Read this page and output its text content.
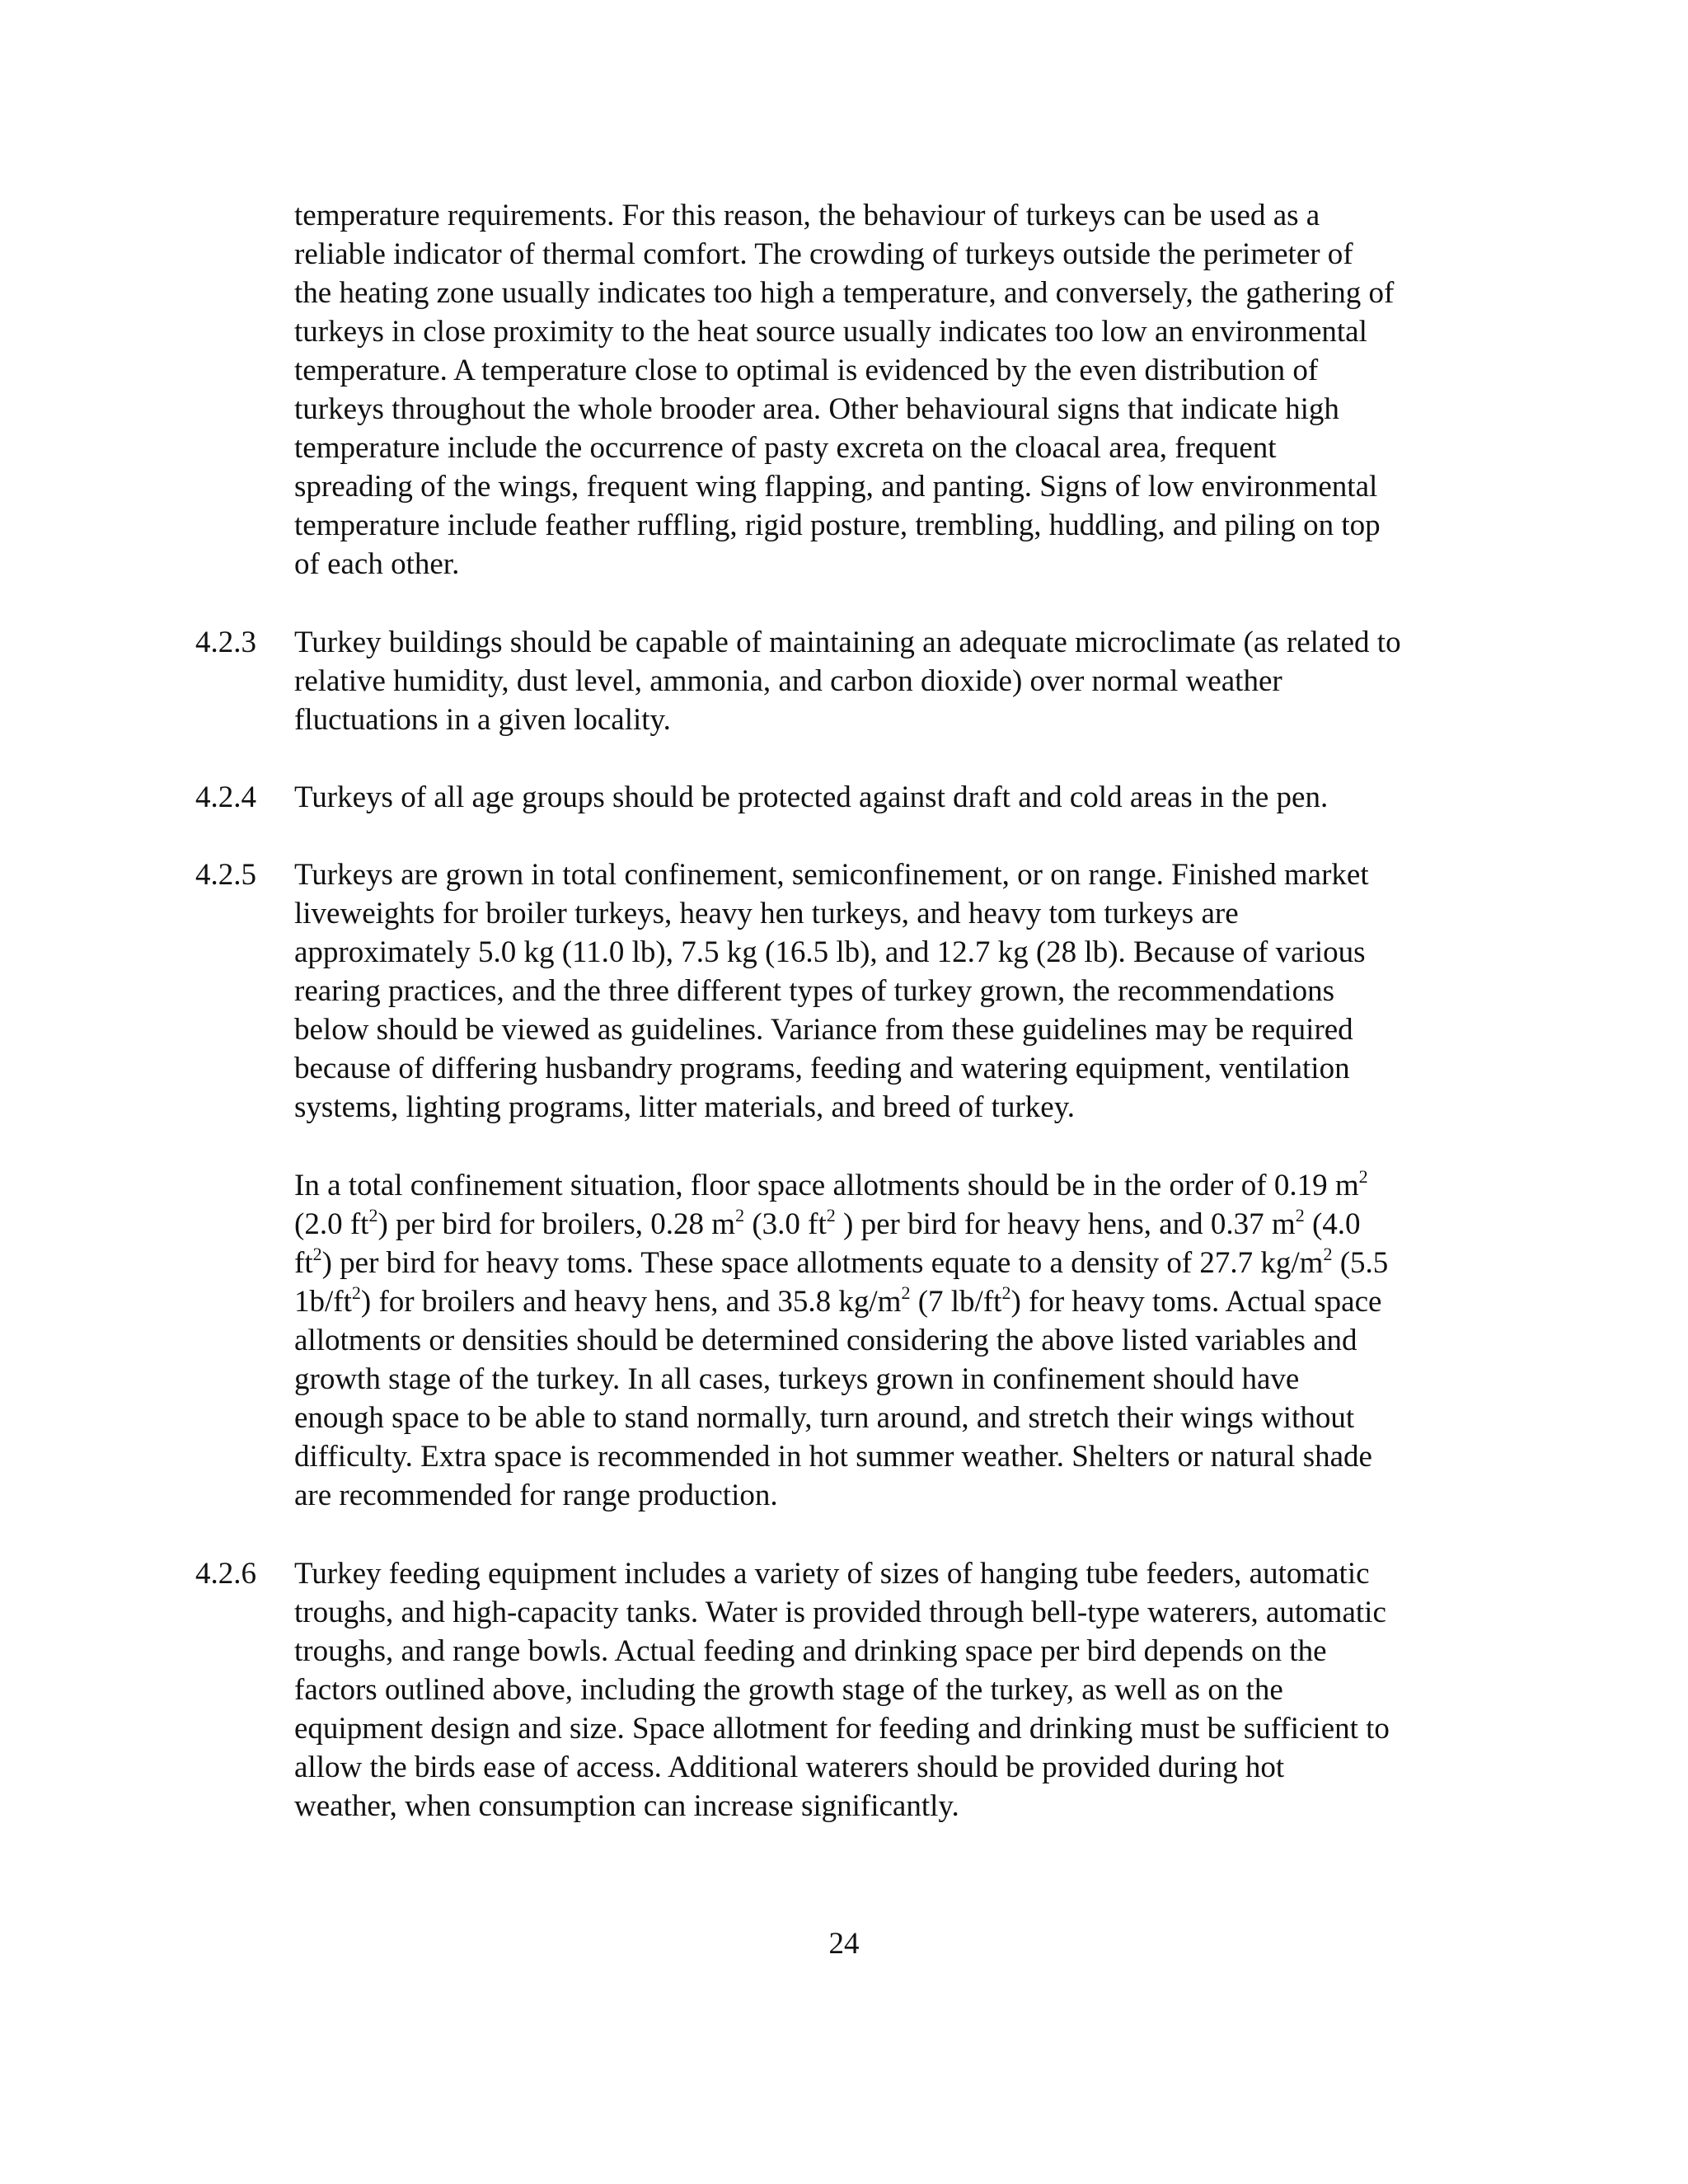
temperature requirements. For this reason, the behaviour of turkeys can be used as a
reliable indicator of thermal comfort. The crowding of turkeys outside the perimeter of
the heating zone usually indicates too high a temperature, and conversely, the gathering of
turkeys in close proximity to the heat source usually indicates too low an environmental
temperature. A temperature close to optimal is evidenced by the even distribution of
turkeys throughout the whole brooder area. Other behavioural signs that indicate high
temperature include the occurrence of pasty excreta on the cloacal area, frequent
spreading of the wings, frequent wing flapping, and panting. Signs of low environmental
temperature include feather ruffling, rigid posture, trembling, huddling, and piling on top
of each other.
4.2.3 Turkey buildings should be capable of maintaining an adequate microclimate (as related to
relative humidity, dust level, ammonia, and carbon dioxide) over normal weather
fluctuations in a given locality.
4.2.4 Turkeys of all age groups should be protected against draft and cold areas in the pen.
4.2.5 Turkeys are grown in total confinement, semiconfinement, or on range. Finished market
liveweights for broiler turkeys, heavy hen turkeys, and heavy tom turkeys are
approximately 5.0 kg (11.0 lb), 7.5 kg (16.5 lb), and 12.7 kg (28 lb). Because of various
rearing practices, and the three different types of turkey grown, the recommendations
below should be viewed as guidelines. Variance from these guidelines may be required
because of differing husbandry programs, feeding and watering equipment, ventilation
systems, lighting programs, litter materials, and breed of turkey.
In a total confinement situation, floor space allotments should be in the order of 0.19 $m^2$
(2.0 $ft^2$) per bird for broilers, 0.28 $m^2$ (3.0 $ft^2$ ) per bird for heavy hens, and 0.37 $m^2$ (4.0
$ft^2$) per bird for heavy toms. These space allotments equate to a density of 27.7 $kg/m^2$ (5.5
$1b/ft^2$) for broilers and heavy hens, and 35.8 $kg/m^2$ (7 $lb/ft^2$) for heavy toms. Actual space
allotments or densities should be determined considering the above listed variables and
growth stage of the turkey. In all cases, turkeys grown in confinement should have
enough space to be able to stand normally, turn around, and stretch their wings without
difficulty. Extra space is recommended in hot summer weather. Shelters or natural shade
are recommended for range production.
4.2.6 Turkey feeding equipment includes a variety of sizes of hanging tube feeders, automatic
troughs, and high-capacity tanks. Water is provided through bell-type waterers, automatic
troughs, and range bowls. Actual feeding and drinking space per bird depends on the
factors outlined above, including the growth stage of the turkey, as well as on the
equipment design and size. Space allotment for feeding and drinking must be sufficient to
allow the birds ease of access. Additional waterers should be provided during hot
weather, when consumption can increase significantly.
24
